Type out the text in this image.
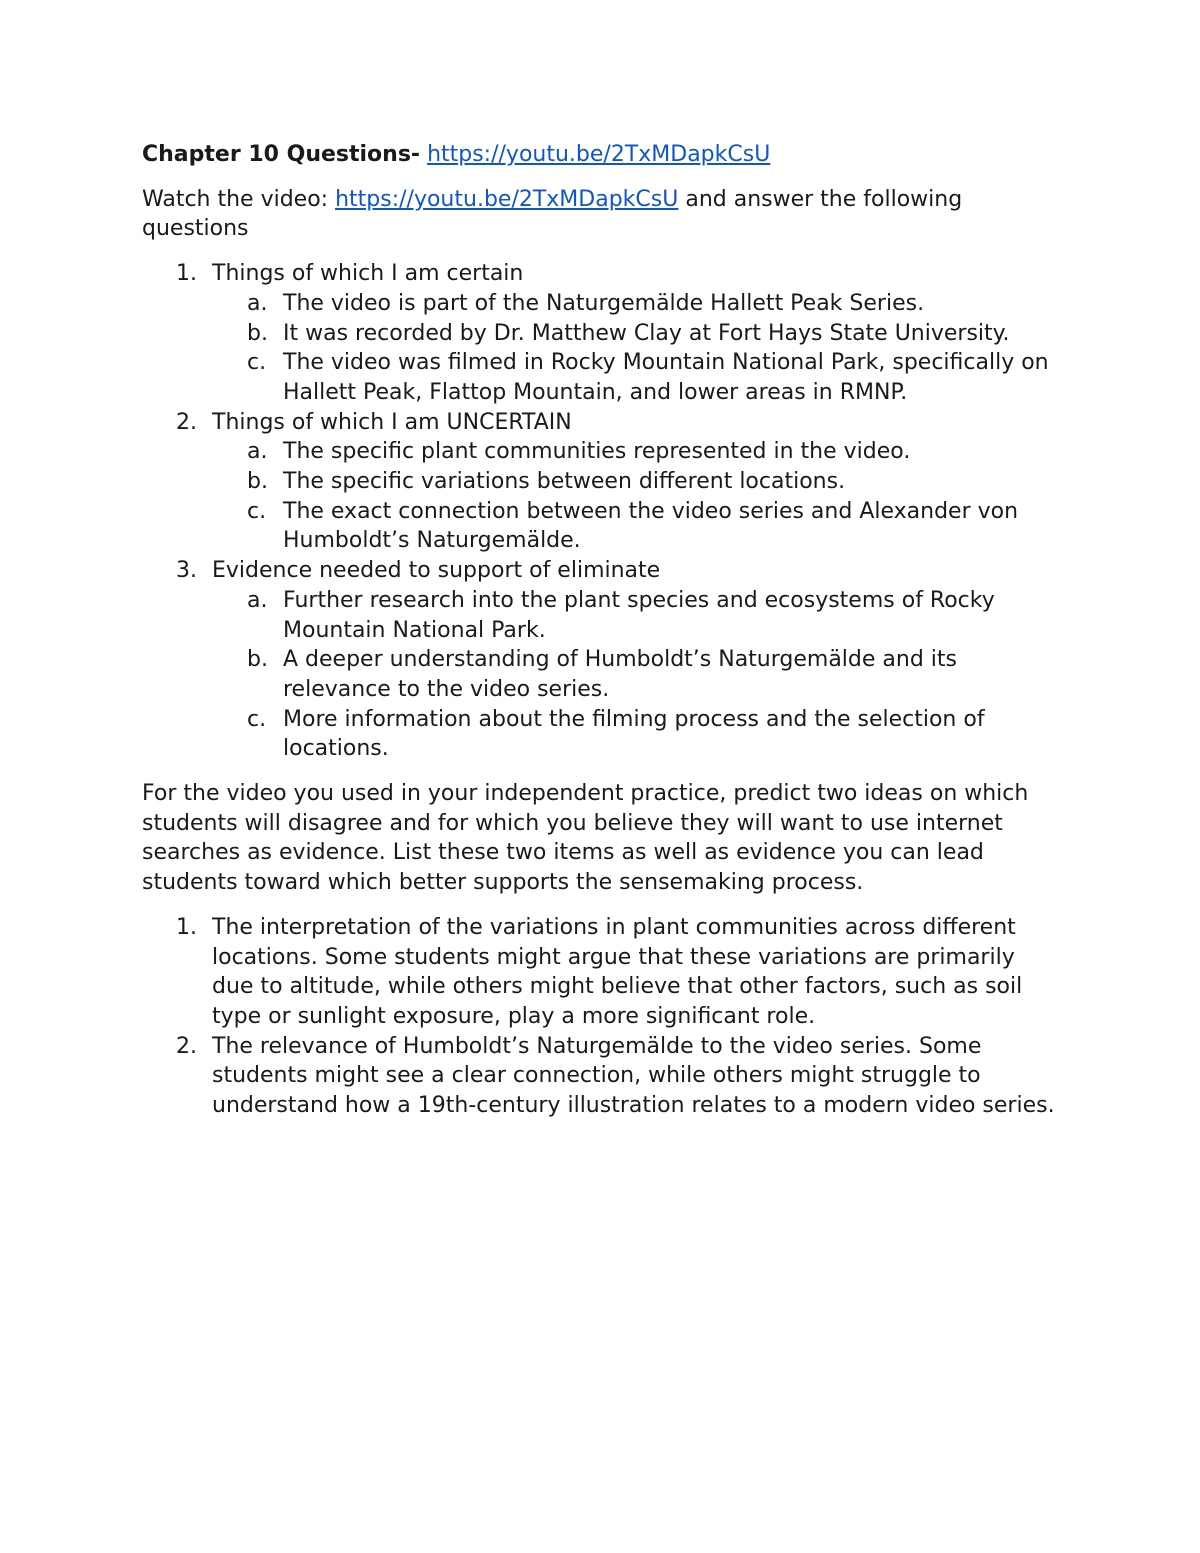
Chapter 10 Questions- https://youtu.be/2TxMDapkCsU

Watch the video: https://youtu.be/2TxMDapkCsU and answer the following questions

1. Things of which I am certain
a. The video is part of the Naturgemälde Hallett Peak Series.
b. It was recorded by Dr. Matthew Clay at Fort Hays State University.
c. The video was filmed in Rocky Mountain National Park, specifically on Hallett Peak, Flattop Mountain, and lower areas in RMNP.
2. Things of which I am UNCERTAIN
a. The specific plant communities represented in the video.
b. The specific variations between different locations.
c. The exact connection between the video series and Alexander von Humboldt’s Naturgemälde.
3. Evidence needed to support of eliminate
a. Further research into the plant species and ecosystems of Rocky Mountain National Park.
b. A deeper understanding of Humboldt’s Naturgemälde and its relevance to the video series.
c. More information about the filming process and the selection of locations.

For the video you used in your independent practice, predict two ideas on which students will disagree and for which you believe they will want to use internet searches as evidence. List these two items as well as evidence you can lead students toward which better supports the sensemaking process.

1. The interpretation of the variations in plant communities across different locations. Some students might argue that these variations are primarily due to altitude, while others might believe that other factors, such as soil type or sunlight exposure, play a more significant role.
2. The relevance of Humboldt’s Naturgemälde to the video series. Some students might see a clear connection, while others might struggle to understand how a 19th-century illustration relates to a modern video series.
